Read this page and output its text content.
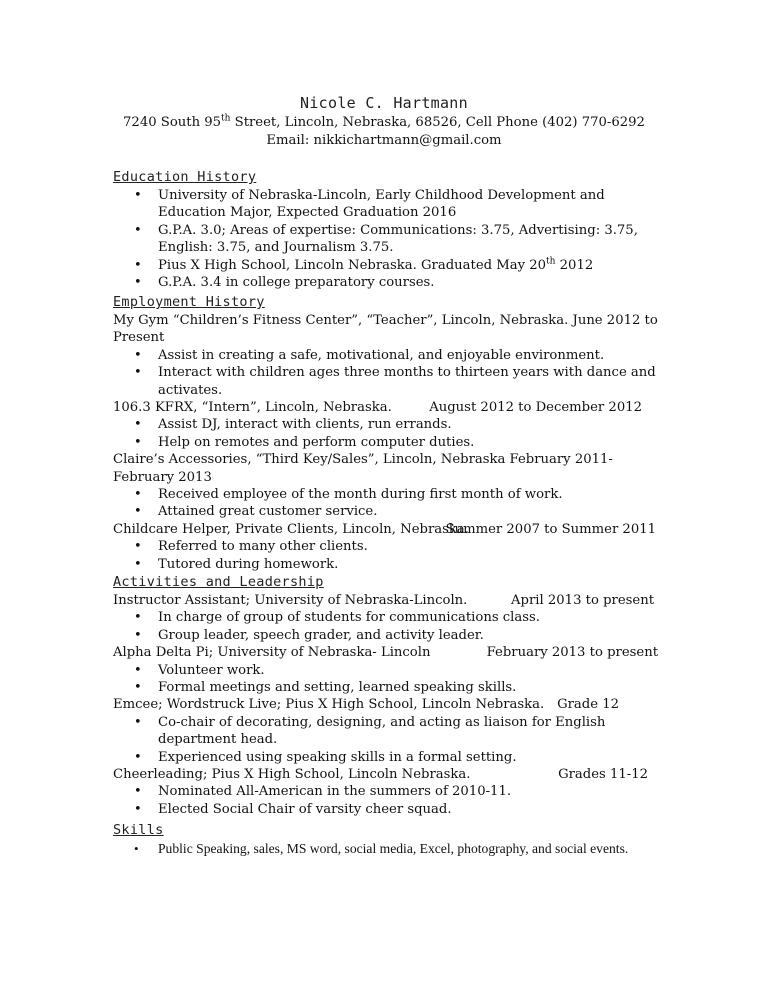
Nicole C. Hartmann
7240 South 95th Street, Lincoln, Nebraska, 68526, Cell Phone (402) 770-6292
Email: nikkichartmann@gmail.com
Education History
• University of Nebraska-Lincoln, Early Childhood Development and Education Major, Expected Graduation 2016
• G.P.A. 3.0; Areas of expertise: Communications: 3.75, Advertising: 3.75, English: 3.75, and Journalism 3.75.
• Pius X High School, Lincoln Nebraska. Graduated May 20th 2012
• G.P.A. 3.4 in college preparatory courses.
Employment History
My Gym “Children’s Fitness Center”, “Teacher”, Lincoln, Nebraska. June 2012 to Present
• Assist in creating a safe, motivational, and enjoyable environment.
• Interact with children ages three months to thirteen years with dance and activates.
106.3 KFRX, “Intern”, Lincoln, Nebraska.	August 2012 to December 2012
• Assist DJ, interact with clients, run errands.
• Help on remotes and perform computer duties.
Claire’s Accessories, “Third Key/Sales”, Lincoln, Nebraska February 2011-February 2013
• Received employee of the month during first month of work.
• Attained great customer service.
Childcare Helper, Private Clients, Lincoln, Nebraska.
Summer 2007 to Summer 2011
• Referred to many other clients.
• Tutored during homework.
Activities and Leadership
Instructor Assistant; University of Nebraska-Lincoln.	April 2013 to present
• In charge of group of students for communications class.
• Group leader, speech grader, and activity leader.
Alpha Delta Pi; University of Nebraska- Lincoln	February 2013 to present
• Volunteer work.
• Formal meetings and setting, learned speaking skills.
Emcee; Wordstruck Live; Pius X High School, Lincoln Nebraska. Grade 12
• Co-chair of decorating, designing, and acting as liaison for English department head.
• Experienced using speaking skills in a formal setting.
Cheerleading; Pius X High School, Lincoln Nebraska.	Grades 11-12
• Nominated All-American in the summers of 2010-11.
• Elected Social Chair of varsity cheer squad.
Skills
• Public Speaking, sales, MS word, social media, Excel, photography, and social events.
